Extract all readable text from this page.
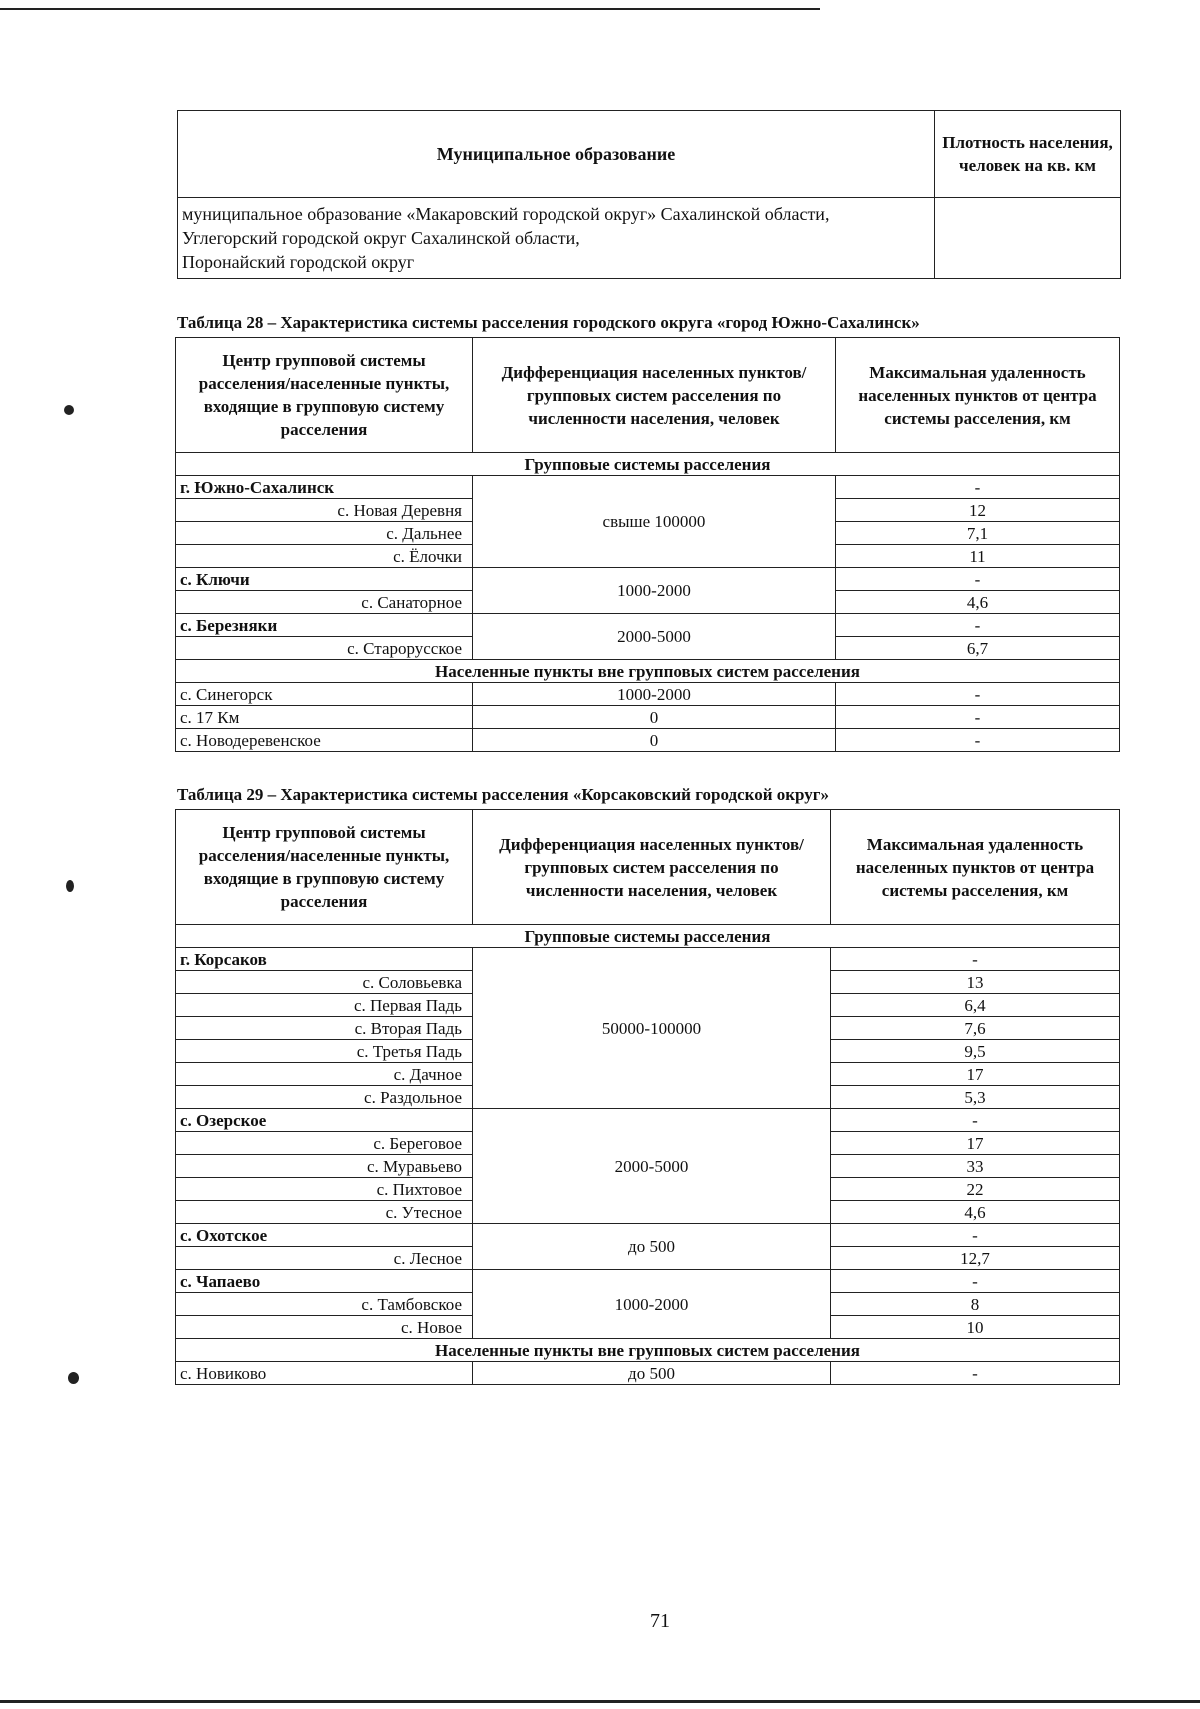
Муниципальное образование	Плотность населения, человек на кв. км

муниципальное образование «Макаровский городской округ» Сахалинской области,
Углегорский городской округ Сахалинской области,
Поронайский городской округ	

Таблица 28 – Характеристика системы расселения городского округа «город Южно-Сахалинск»
Центр групповой системы расселения/населенные пункты, входящие в групповую систему расселения	Дифференциация населенных пунктов/групповых систем расселения по численности населения, человек	Максимальная удаленность населенных пунктов от центра системы расселения, км
Групповые системы расселения		
г. Южно-Сахалинск	свыше 100000	-
с. Новая Деревня		12
с. Дальнее		7,1
с. Ёлочки		11
с. Ключи	1000-2000	-
с. Санаторное		4,6
с. Березняки	2000-5000	-
с. Старорусское		6,7
Населенные пункты вне групповых систем расселения		
с. Синегорск	1000-2000	-
с. 17 Км	0	-
с. Новодеревенское	0	-
Таблица 29 – Характеристика системы расселения «Корсаковский городской округ»
Центр групповой системы расселения/населенные пункты, входящие в групповую систему расселения	Дифференциация населенных пунктов/групповых систем расселения по численности населения, человек	Максимальная удаленность населенных пунктов от центра системы расселения, км
Групповые системы расселения		
г. Корсаков	50000-100000	-
с. Соловьевка		13
с. Первая Падь		6,4
с. Вторая Падь		7,6
с. Третья Падь		9,5
с. Дачное		17
с. Раздольное		5,3
с. Озерское	2000-5000	-
с. Береговое		17
с. Муравьево		33
с. Пихтовое		22
с. Утесное		4,6
с. Охотское	до 500	-
с. Лесное		12,7
с. Чапаево	1000-2000	-
с. Тамбовское		8
с. Новое		10
Населенные пункты вне групповых систем расселения		
с. Новиково	до 500	-
71
